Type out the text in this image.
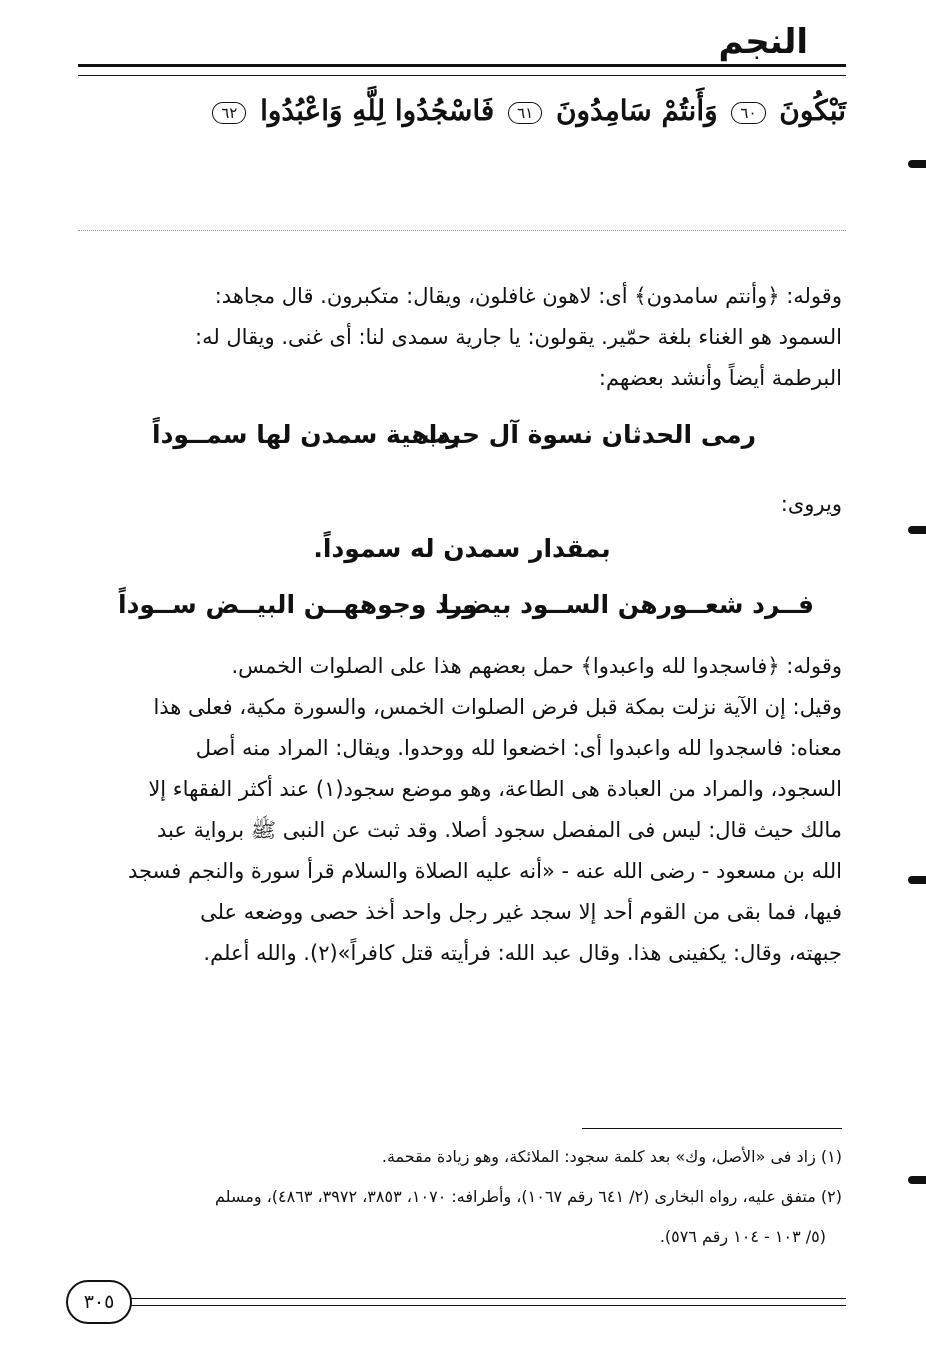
النجم
تَبْكُونَ ٦٠ وَأَنتُمْ سَامِدُونَ ٦١ فَاسْجُدُوا لِلَّهِ وَاعْبُدُوا ٦٢
وقوله: ﴿وأنتم سامدون﴾ أى: لاهون غافلون، ويقال: متكبرون. قال مجاهد:
السمود هو الغناء بلغة حمّير. يقولون: يا جارية سمدى لنا: أى غنى. ويقال له:
البرطمة أيضاً وأنشد بعضهم:
رمى الحدثان نسوة آل حرب
بداهية سمدن لها سمــوداً
ويروى:
بمقدار سمدن له سموداً.
فــرد شعــورهن الســود بيضــا
ورد وجوههــن البيــض ســوداً
وقوله: ﴿فاسجدوا لله واعبدوا﴾ حمل بعضهم هذا على الصلوات الخمس.
وقيل: إن الآية نزلت بمكة قبل فرض الصلوات الخمس، والسورة مكية، فعلى هذا
معناه: فاسجدوا لله واعبدوا أى: اخضعوا لله ووحدوا. ويقال: المراد منه أصل
السجود، والمراد من العبادة هى الطاعة، وهو موضع سجود(١) عند أكثر الفقهاء إلا
مالك حيث قال: ليس فى المفصل سجود أصلا. وقد ثبت عن النبى ﷺ برواية عبد
الله بن مسعود - رضى الله عنه - «أنه عليه الصلاة والسلام قرأ سورة والنجم فسجد
فيها، فما بقى من القوم أحد إلا سجد غير رجل واحد أخذ حصى ووضعه على
جبهته، وقال: يكفينى هذا. وقال عبد الله: فرأيته قتل كافراً»(٢). والله أعلم.
(١) زاد فى «الأصل، وك» بعد كلمة سجود: الملائكة، وهو زيادة مقحمة.
(٢) متفق عليه، رواه البخارى (٢/ ٦٤١ رقم ١٠٦٧)، وأطرافه: ١٠٧٠، ٣٨٥٣، ٣٩٧٢، ٤٨٦٣)، ومسلم
(٥/ ١٠٣ - ١٠٤ رقم ٥٧٦).
٣٠٥
